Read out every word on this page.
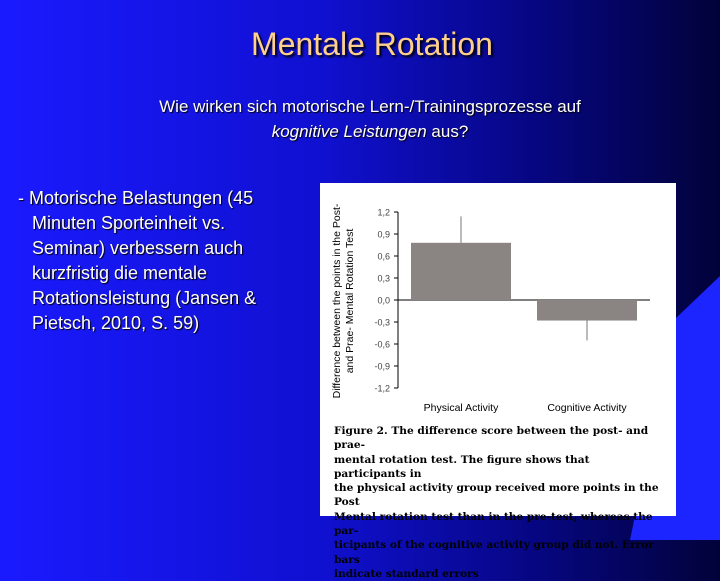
Mentale Rotation
Wie wirken sich motorische Lern-/Trainingsprozesse auf
kognitive Leistungen aus?
- Motorische Belastungen (45
Minuten Sporteinheit vs.
Seminar) verbessern auch
kurzfristig die mentale
Rotationsleistung (Jansen &
Pietsch, 2010, S. 59)	Difference between the points in the Post- and Prae- Mental Rotation Test
1,2
0,9
0,6
0,3
0,0
-0,3
-0,6
-0,9
-1,2
Physical Activity	Cognitive Activity
Figure 2. The difference score between the post- and prae-
mental rotation test. The figure shows that participants in
the physical activity group received more points in the Post
Mental rotation test than in the pre-test, whereas the par-
ticipants of the cognitive activity group did not. Error bars
indicate standard errors
